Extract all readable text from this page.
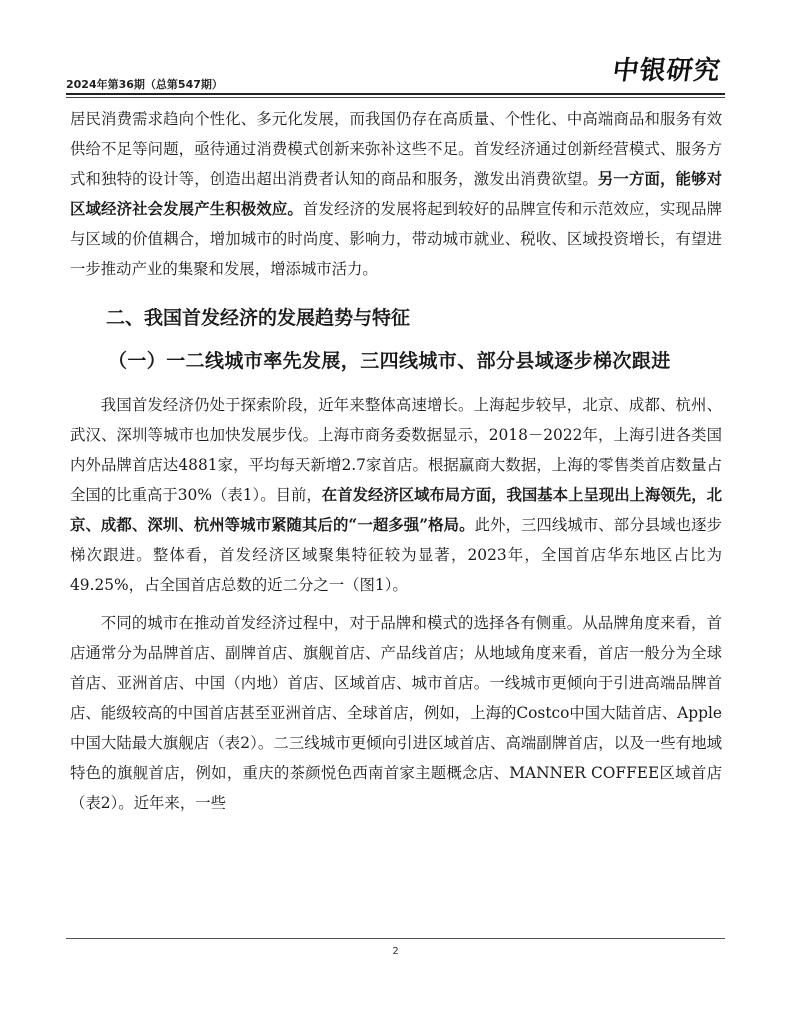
2024年第36期（总第547期）	中银研究

居民消费需求趋向个性化、多元化发展，而我国仍存在高质量、个性化、中高端商品和服务有效供给不足等问题，亟待通过消费模式创新来弥补这些不足。首发经济通过创新经营模式、服务方式和独特的设计等，创造出超出消费者认知的商品和服务，激发出消费欲望。另一方面，能够对区域经济社会发展产生积极效应。首发经济的发展将起到较好的品牌宣传和示范效应，实现品牌与区域的价值耦合，增加城市的时尚度、影响力，带动城市就业、税收、区域投资增长，有望进一步推动产业的集聚和发展，增添城市活力。

二、我国首发经济的发展趋势与特征

（一）一二线城市率先发展，三四线城市、部分县域逐步梯次跟进

我国首发经济仍处于探索阶段，近年来整体高速增长。上海起步较早，北京、成都、杭州、武汉、深圳等城市也加快发展步伐。上海市商务委数据显示，2018－2022年，上海引进各类国内外品牌首店达4881家，平均每天新增2.7家首店。根据赢商大数据，上海的零售类首店数量占全国的比重高于30%（表1）。目前，在首发经济区域布局方面，我国基本上呈现出上海领先，北京、成都、深圳、杭州等城市紧随其后的“一超多强”格局。此外，三四线城市、部分县域也逐步梯次跟进。整体看，首发经济区域聚集特征较为显著，2023年，全国首店华东地区占比为49.25%，占全国首店总数的近二分之一（图1）。

不同的城市在推动首发经济过程中，对于品牌和模式的选择各有侧重。从品牌角度来看，首店通常分为品牌首店、副牌首店、旗舰首店、产品线首店；从地域角度来看，首店一般分为全球首店、亚洲首店、中国（内地）首店、区域首店、城市首店。一线城市更倾向于引进高端品牌首店、能级较高的中国首店甚至亚洲首店、全球首店，例如，上海的Costco中国大陆首店、Apple中国大陆最大旗舰店（表2）。二三线城市更倾向引进区域首店、高端副牌首店，以及一些有地域特色的旗舰首店，例如，重庆的茶颜悦色西南首家主题概念店、MANNER COFFEE区域首店（表2）。近年来，一些

2
